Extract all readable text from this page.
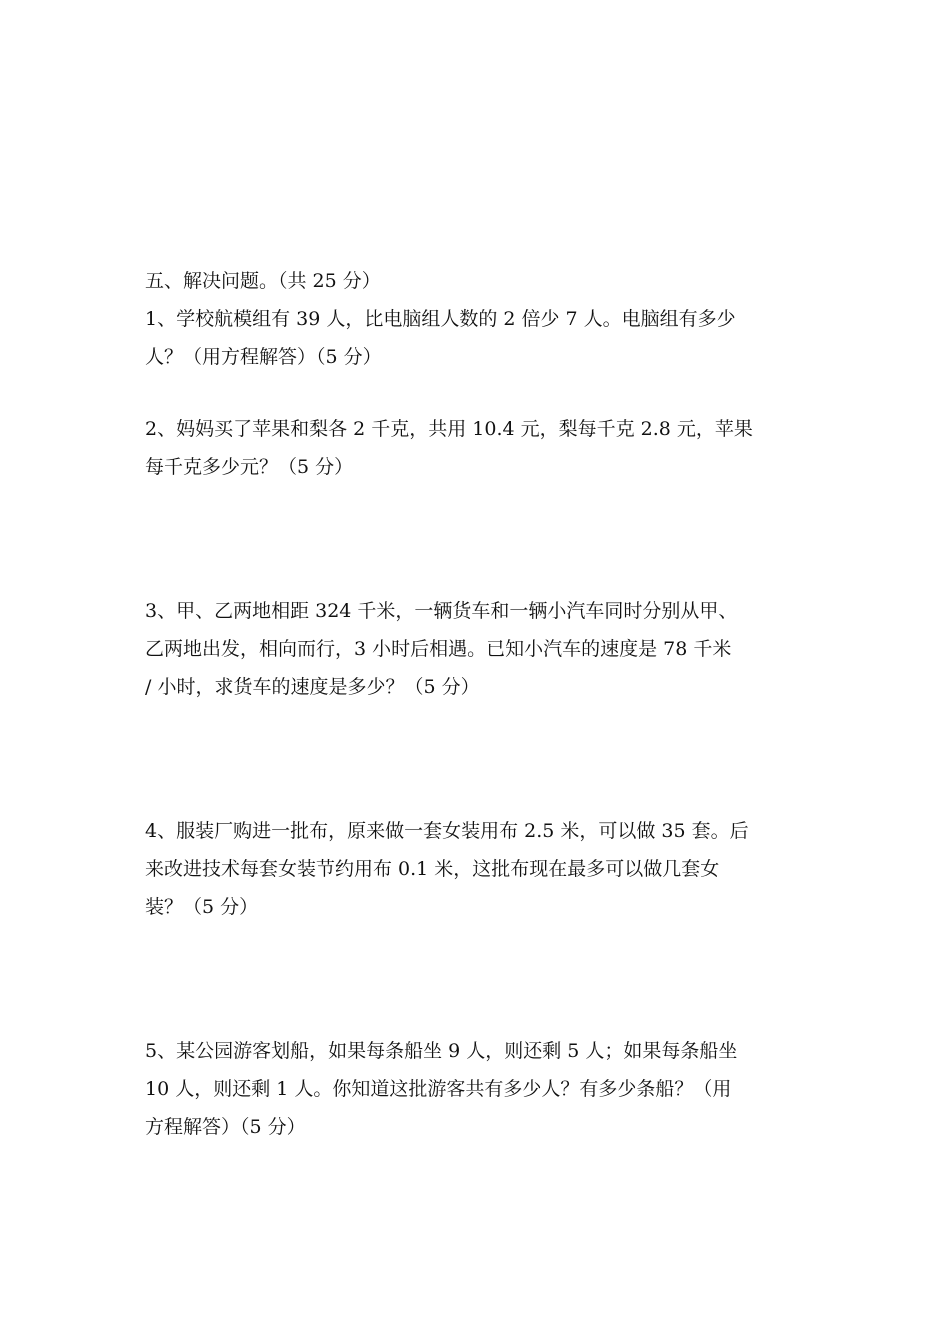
五、解决问题。（共 25 分）
1、学校航模组有 39 人，比电脑组人数的 2 倍少 7 人。电脑组有多少
人？（用方程解答）（5 分）
2、妈妈买了苹果和梨各 2 千克，共用 10.4 元，梨每千克 2.8 元，苹果
每千克多少元？（5 分）
3、甲、乙两地相距 324 千米，一辆货车和一辆小汽车同时分别从甲、
乙两地出发，相向而行，3 小时后相遇。已知小汽车的速度是 78 千米
/ 小时，求货车的速度是多少？（5 分）
4、服装厂购进一批布，原来做一套女装用布 2.5 米，可以做 35 套。后
来改进技术每套女装节约用布 0.1 米，这批布现在最多可以做几套女
装？（5 分）
5、某公园游客划船，如果每条船坐 9 人，则还剩 5 人；如果每条船坐
10 人，则还剩 1 人。你知道这批游客共有多少人？有多少条船？（用
方程解答）（5 分）
